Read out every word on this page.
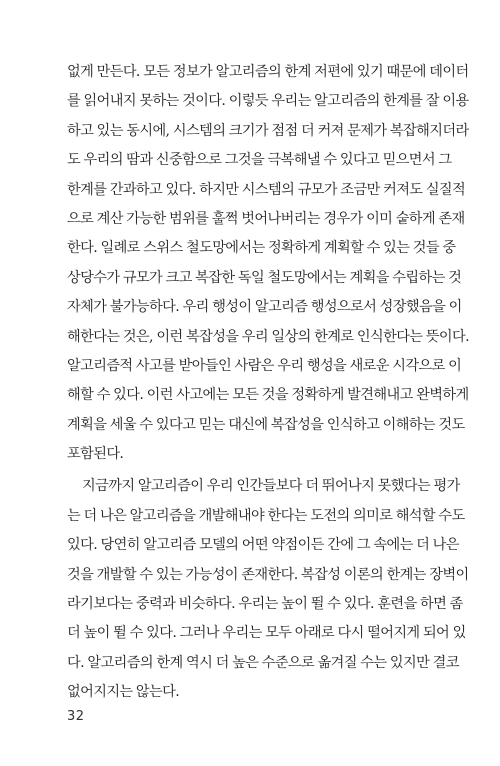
없게 만든다. 모든 정보가 알고리즘의 한계 저편에 있기 때문에 데이터
를 읽어내지 못하는 것이다. 이렇듯 우리는 알고리즘의 한계를 잘 이용
하고 있는 동시에, 시스템의 크기가 점점 더 커져 문제가 복잡해지더라
도 우리의 땀과 신중함으로 그것을 극복해낼 수 있다고 믿으면서 그
한계를 간과하고 있다. 하지만 시스템의 규모가 조금만 커져도 실질적
으로 계산 가능한 범위를 훌쩍 벗어나버리는 경우가 이미 숱하게 존재
한다. 일례로 스위스 철도망에서는 정확하게 계획할 수 있는 것들 중
상당수가 규모가 크고 복잡한 독일 철도망에서는 계획을 수립하는 것
자체가 불가능하다. 우리 행성이 알고리즘 행성으로서 성장했음을 이
해한다는 것은, 이런 복잡성을 우리 일상의 한계로 인식한다는 뜻이다.
알고리즘적 사고를 받아들인 사람은 우리 행성을 새로운 시각으로 이
해할 수 있다. 이런 사고에는 모든 것을 정확하게 발견해내고 완벽하게
계획을 세울 수 있다고 믿는 대신에 복잡성을 인식하고 이해하는 것도
포함된다.
지금까지 알고리즘이 우리 인간들보다 더 뛰어나지 못했다는 평가
는 더 나은 알고리즘을 개발해내야 한다는 도전의 의미로 해석할 수도
있다. 당연히 알고리즘 모델의 어떤 약점이든 간에 그 속에는 더 나은
것을 개발할 수 있는 가능성이 존재한다. 복잡성 이론의 한계는 장벽이
라기보다는 중력과 비슷하다. 우리는 높이 뛸 수 있다. 훈련을 하면 좀
더 높이 뛸 수 있다. 그러나 우리는 모두 아래로 다시 떨어지게 되어 있
다. 알고리즘의 한계 역시 더 높은 수준으로 옮겨질 수는 있지만 결코
없어지지는 않는다.
32
